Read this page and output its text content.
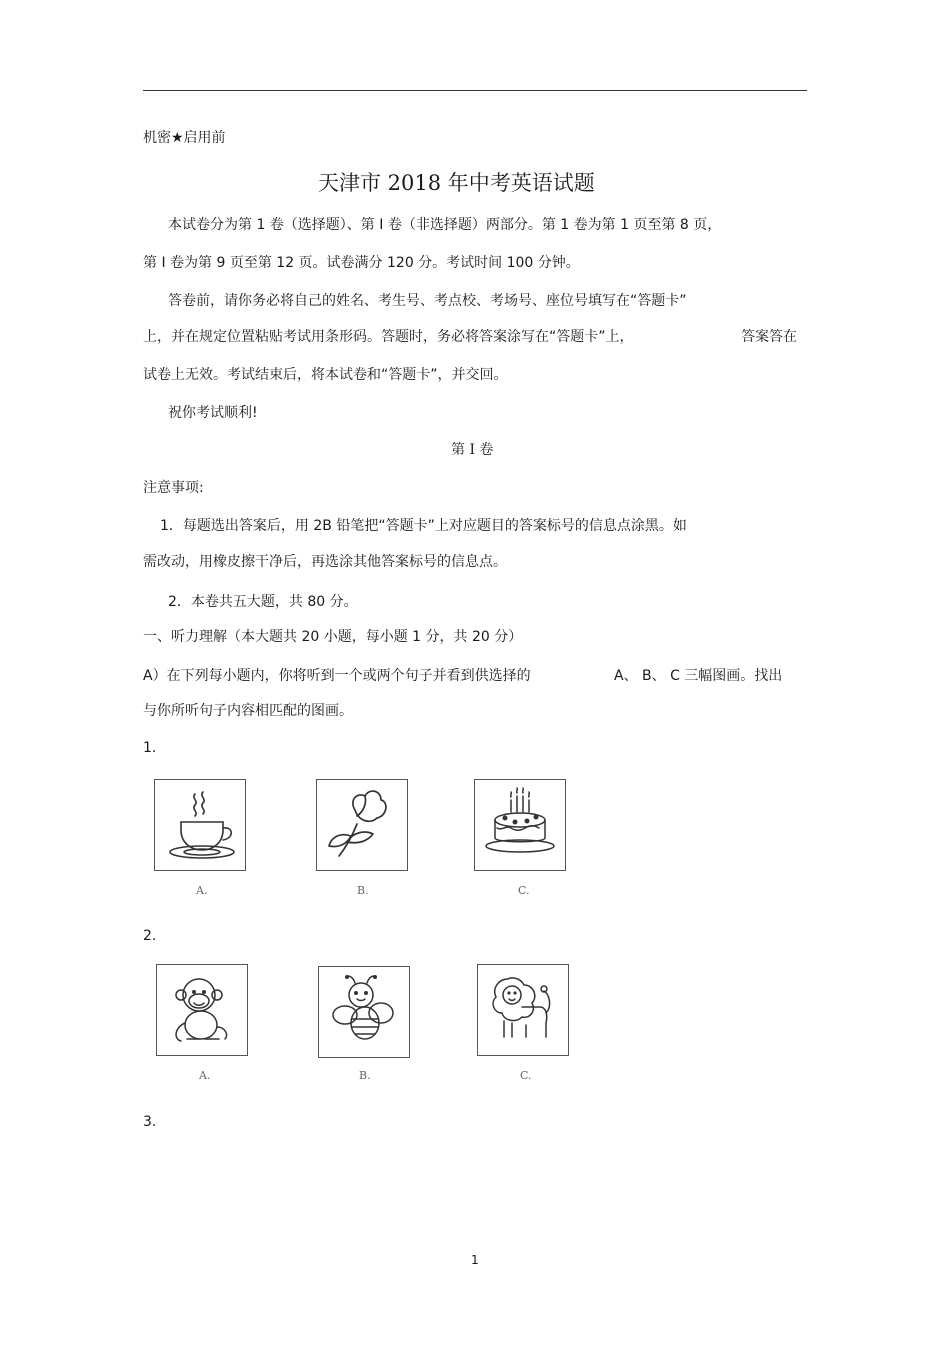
机密★启用前
天津市 2018 年中考英语试题
本试卷分为第 1 卷（选择题）、第 Ⅰ 卷（非选择题）两部分。第 1 卷为第 1 页至第 8 页，
第 Ⅰ 卷为第 9 页至第 12 页。试卷满分 120 分。考试时间 100 分钟。
答卷前，请你务必将自己的姓名、考生号、考点校、考场号、座位号填写在“答题卡”
上，并在规定位置粘贴考试用条形码。答题时，务必将答案涂写在“答题卡”上，	答案答在
试卷上无效。考试结束后，将本试卷和“答题卡”，并交回。
祝你考试顺利!
第 I 卷
注意事项:
1．每题选出答案后，用 2B 铅笔把“答题卡”上对应题目的答案标号的信息点涂黑。如
需改动，用橡皮擦干净后，再选涂其他答案标号的信息点。
2．本卷共五大题，共 80 分。
一、听力理解（本大题共 20 小题，每小题 1 分，共 20 分）
A）在下列每小题内，你将听到一个或两个句子并看到供选择的	A、 B、 C 三幅图画。找出
与你所听句子内容相匹配的图画。
1.
A.	B.	C.
2.
A.	B.	C.
3.
1
